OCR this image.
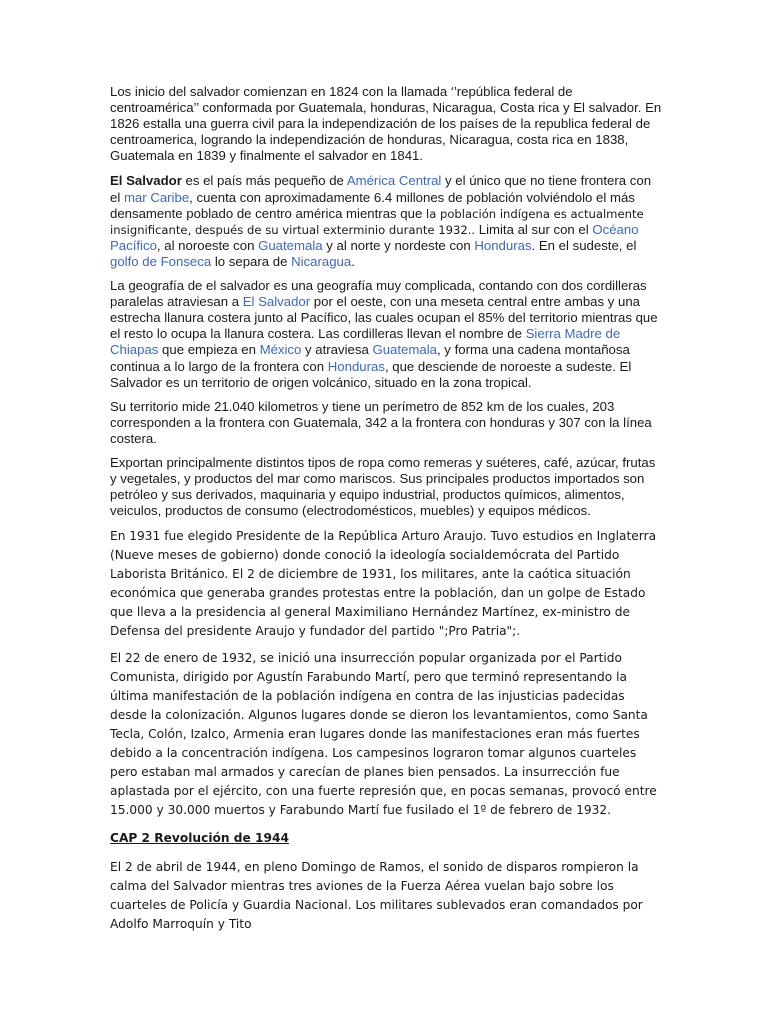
Los inicio del salvador comienzan en 1824 con la llamada ‘’república federal de centroamérica’’ conformada por Guatemala, honduras, Nicaragua, Costa rica y El salvador. En 1826 estalla una guerra civil para la independización de los países de la republica federal de centroamerica, logrando la independización de honduras, Nicaragua, costa rica en 1838, Guatemala en 1839 y finalmente el salvador en 1841.

El Salvador es el país más pequeño de América Central y el único que no tiene frontera con el mar Caribe, cuenta con aproximadamente 6.4 millones de población volviéndolo el más densamente poblado de centro américa mientras que la población indígena es actualmente insignificante, después de su virtual exterminio durante 1932.. Limita al sur con el Océano Pacífico, al noroeste con Guatemala y al norte y nordeste con Honduras. En el sudeste, el golfo de Fonseca lo separa de Nicaragua.

La geografía de el salvador es una geografía muy complicada, contando con dos cordilleras paralelas atraviesan a El Salvador por el oeste, con una meseta central entre ambas y una estrecha llanura costera junto al Pacífico, las cuales ocupan el 85% del territorio mientras que el resto lo ocupa la llanura costera. Las cordilleras llevan el nombre de Sierra Madre de Chiapas que empieza en México y atraviesa Guatemala, y forma una cadena montañosa continua a lo largo de la frontera con Honduras, que desciende de noroeste a sudeste. El Salvador es un territorio de origen volcánico, situado en la zona tropical.

Su territorio mide 21.040 kilometros y tiene un perímetro de 852 km de los cuales, 203 corresponden a la frontera con Guatemala, 342 a la frontera con honduras y 307 con la línea costera.

Exportan principalmente distintos tipos de ropa como remeras y suéteres, café, azúcar, frutas y vegetales, y productos del mar como mariscos. Sus principales productos importados son petróleo y sus derivados, maquinaria y equipo industrial, productos químicos, alimentos, veiculos, productos de consumo (electrodomésticos, muebles) y equipos médicos.

En 1931 fue elegido Presidente de la República Arturo Araujo. Tuvo estudios en Inglaterra (Nueve meses de gobierno) donde conoció la ideología socialdemócrata del Partido Laborista Británico. El 2 de diciembre de 1931, los militares, ante la caótica situación económica que generaba grandes protestas entre la población, dan un golpe de Estado que lleva a la presidencia al general Maximiliano Hernández Martínez, ex-ministro de Defensa del presidente Araujo y fundador del partido ";Pro Patria";.

El 22 de enero de 1932, se inició una insurrección popular organizada por el Partido Comunista, dirigido por Agustín Farabundo Martí, pero que terminó representando la última manifestación de la población indígena en contra de las injusticias padecidas desde la colonización. Algunos lugares donde se dieron los levantamientos, como Santa Tecla, Colón, Izalco, Armenia eran lugares donde las manifestaciones eran más fuertes debido a la concentración indígena. Los campesinos lograron tomar algunos cuarteles pero estaban mal armados y carecían de planes bien pensados. La insurrección fue aplastada por el ejército, con una fuerte represión que, en pocas semanas, provocó entre 15.000 y 30.000 muertos y Farabundo Martí fue fusilado el 1º de febrero de 1932.

CAP 2 Revolución de 1944

El 2 de abril de 1944, en pleno Domingo de Ramos, el sonido de disparos rompieron la calma del Salvador mientras tres aviones de la Fuerza Aérea vuelan bajo sobre los cuarteles de Policía y Guardia Nacional. Los militares sublevados eran comandados por Adolfo Marroquín y Tito
